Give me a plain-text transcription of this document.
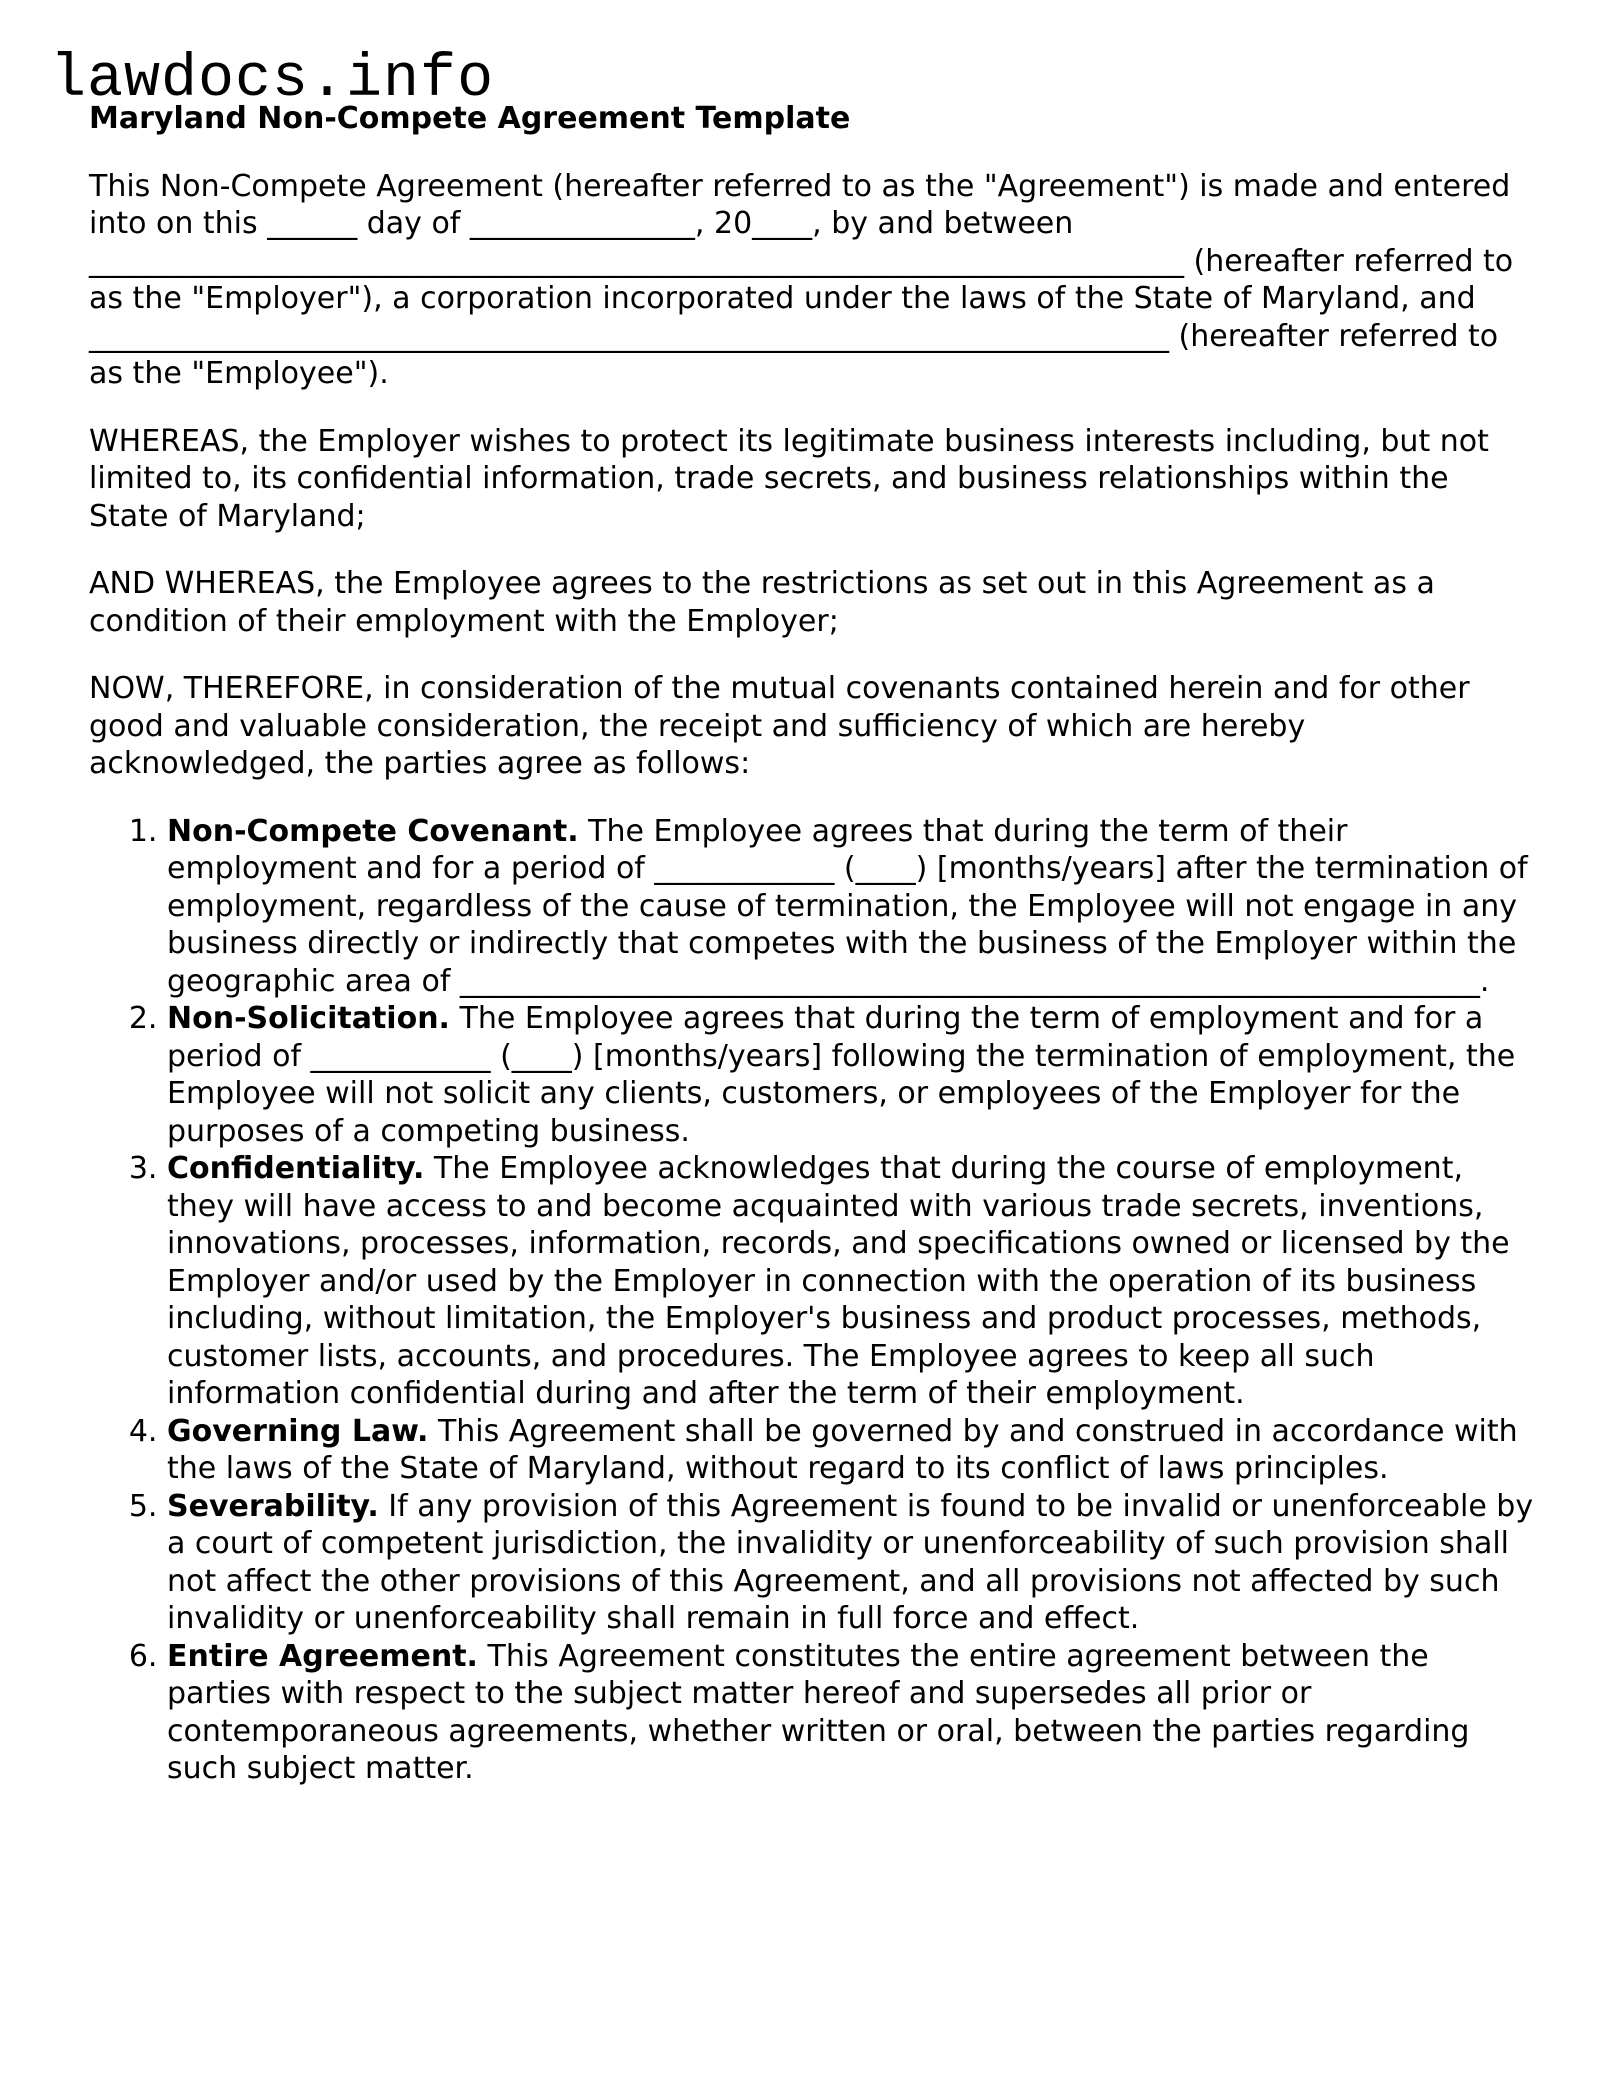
lawdocs.info
Maryland Non-Compete Agreement Template

This Non-Compete Agreement (hereafter referred to as the "Agreement") is made and entered into on this ______ day of _______________, 20____, by and between _________________________________________________________________________ (hereafter referred to as the "Employer"), a corporation incorporated under the laws of the State of Maryland, and ________________________________________________________________________ (hereafter referred to as the "Employee").

WHEREAS, the Employer wishes to protect its legitimate business interests including, but not limited to, its confidential information, trade secrets, and business relationships within the State of Maryland;

AND WHEREAS, the Employee agrees to the restrictions as set out in this Agreement as a condition of their employment with the Employer;

NOW, THEREFORE, in consideration of the mutual covenants contained herein and for other good and valuable consideration, the receipt and sufficiency of which are hereby acknowledged, the parties agree as follows:

1. Non-Compete Covenant. The Employee agrees that during the term of their employment and for a period of ____________ (____) [months/years] after the termination of employment, regardless of the cause of termination, the Employee will not engage in any business directly or indirectly that competes with the business of the Employer within the geographic area of ____________________________________________________________________.
2. Non-Solicitation. The Employee agrees that during the term of employment and for a period of ____________ (____) [months/years] following the termination of employment, the Employee will not solicit any clients, customers, or employees of the Employer for the purposes of a competing business.
3. Confidentiality. The Employee acknowledges that during the course of employment, they will have access to and become acquainted with various trade secrets, inventions, innovations, processes, information, records, and specifications owned or licensed by the Employer and/or used by the Employer in connection with the operation of its business including, without limitation, the Employer's business and product processes, methods, customer lists, accounts, and procedures. The Employee agrees to keep all such information confidential during and after the term of their employment.
4. Governing Law. This Agreement shall be governed by and construed in accordance with the laws of the State of Maryland, without regard to its conflict of laws principles.
5. Severability. If any provision of this Agreement is found to be invalid or unenforceable by a court of competent jurisdiction, the invalidity or unenforceability of such provision shall not affect the other provisions of this Agreement, and all provisions not affected by such invalidity or unenforceability shall remain in full force and effect.
6. Entire Agreement. This Agreement constitutes the entire agreement between the parties with respect to the subject matter hereof and supersedes all prior or contemporaneous agreements, whether written or oral, between the parties regarding such subject matter.
